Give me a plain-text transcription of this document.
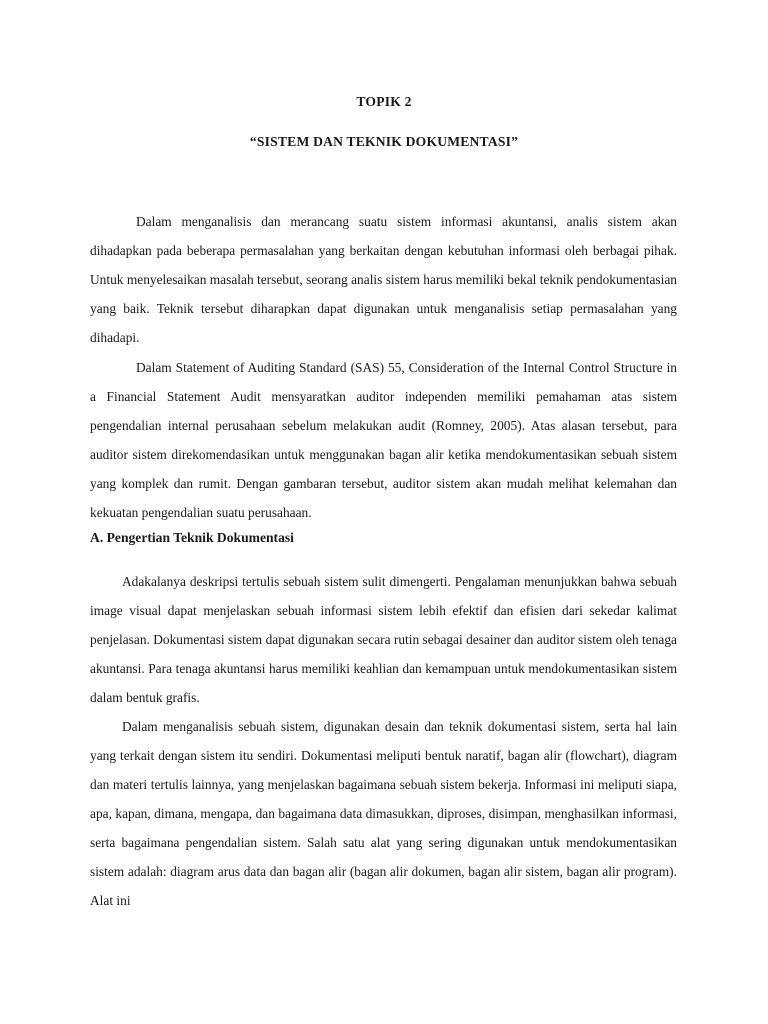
TOPIK 2
“SISTEM DAN TEKNIK DOKUMENTASI”

Dalam menganalisis dan merancang suatu sistem informasi akuntansi, analis sistem akan dihadapkan pada beberapa permasalahan yang berkaitan dengan kebutuhan informasi oleh berbagai pihak. Untuk menyelesaikan masalah tersebut, seorang analis sistem harus memiliki bekal teknik pendokumentasian yang baik. Teknik tersebut diharapkan dapat digunakan untuk menganalisis setiap permasalahan yang dihadapi.

Dalam Statement of Auditing Standard (SAS) 55, Consideration of the Internal Control Structure in a Financial Statement Audit mensyaratkan auditor independen memiliki pemahaman atas sistem pengendalian internal perusahaan sebelum melakukan audit (Romney, 2005). Atas alasan tersebut, para auditor sistem direkomendasikan untuk menggunakan bagan alir ketika mendokumentasikan sebuah sistem yang komplek dan rumit. Dengan gambaran tersebut, auditor sistem akan mudah melihat kelemahan dan kekuatan pengendalian suatu perusahaan.

A. Pengertian Teknik Dokumentasi

Adakalanya deskripsi tertulis sebuah sistem sulit dimengerti. Pengalaman menunjukkan bahwa sebuah image visual dapat menjelaskan sebuah informasi sistem lebih efektif dan efisien dari sekedar kalimat penjelasan. Dokumentasi sistem dapat digunakan secara rutin sebagai desainer dan auditor sistem oleh tenaga akuntansi. Para tenaga akuntansi harus memiliki keahlian dan kemampuan untuk mendokumentasikan sistem dalam bentuk grafis.

Dalam menganalisis sebuah sistem, digunakan desain dan teknik dokumentasi sistem, serta hal lain yang terkait dengan sistem itu sendiri. Dokumentasi meliputi bentuk naratif, bagan alir (flowchart), diagram dan materi tertulis lainnya, yang menjelaskan bagaimana sebuah sistem bekerja. Informasi ini meliputi siapa, apa, kapan, dimana, mengapa, dan bagaimana data dimasukkan, diproses, disimpan, menghasilkan informasi, serta bagaimana pengendalian sistem. Salah satu alat yang sering digunakan untuk mendokumentasikan sistem adalah: diagram arus data dan bagan alir (bagan alir dokumen, bagan alir sistem, bagan alir program). Alat ini
